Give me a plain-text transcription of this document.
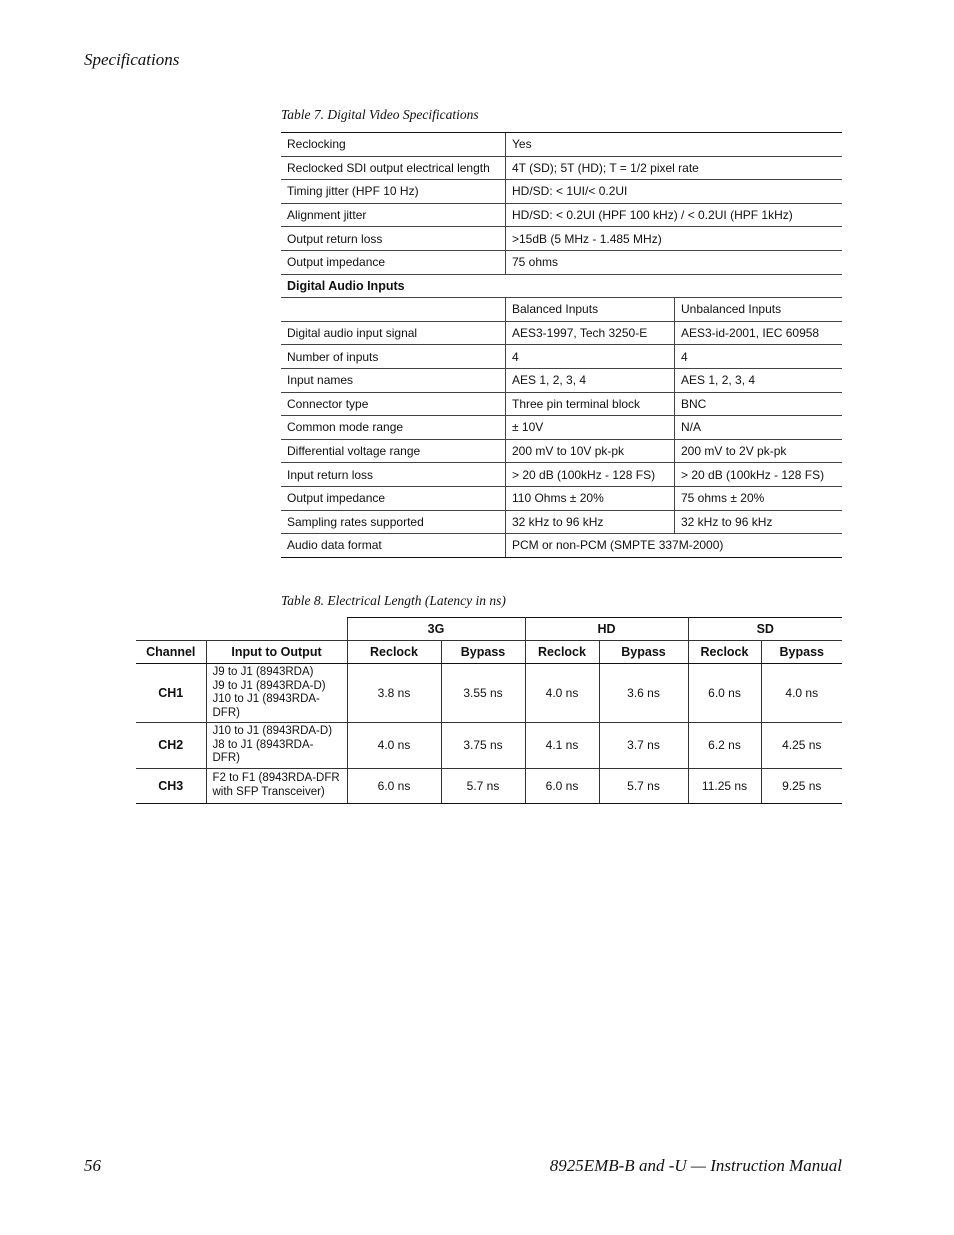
Specifications
Table 7. Digital Video Specifications
Reclocking	Yes	
Reclocked SDI output electrical length	4T (SD); 5T (HD); T = 1/2 pixel rate	
Timing jitter (HPF 10 Hz)	HD/SD: < 1UI/< 0.2UI	
Alignment jitter	HD/SD: < 0.2UI (HPF 100 kHz) / < 0.2UI (HPF 1kHz)	
Output return loss	>15dB (5 MHz - 1.485 MHz)	
Output impedance	75 ohms	
Digital Audio Inputs		
	Balanced Inputs	Unbalanced Inputs
Digital audio input signal	AES3-1997, Tech 3250-E	AES3-id-2001, IEC 60958
Number of inputs	4	4
Input names	AES 1, 2, 3, 4	AES 1, 2, 3, 4
Connector type	Three pin terminal block	BNC
Common mode range	± 10V	N/A
Differential voltage range	200 mV to 10V pk-pk	200 mV to 2V pk-pk
Input return loss	> 20 dB (100kHz - 128 FS)	> 20 dB (100kHz - 128 FS)
Output impedance	110 Ohms ± 20%	75 ohms ± 20%
Sampling rates supported	32 kHz to 96 kHz	32 kHz to 96 kHz
Audio data format	PCM or non-PCM (SMPTE 337M-2000)	
Table 8. Electrical Length (Latency in ns)
		3G		HD		SD	
Channel	Input to Output	Reclock	Bypass	Reclock	Bypass	Reclock	Bypass
CH1	J9 to J1 (8943RDA)
J9 to J1 (8943RDA-D)
J10 to J1 (8943RDA-DFR)	3.8 ns	3.55 ns	4.0 ns	3.6 ns	6.0 ns	4.0 ns
CH2	J10 to J1 (8943RDA-D)
J8 to J1 (8943RDA-DFR)	4.0 ns	3.75 ns	4.1 ns	3.7 ns	6.2 ns	4.25 ns
CH3	F2 to F1 (8943RDA-DFR
with SFP Transceiver)	6.0 ns	5.7 ns	6.0 ns	5.7 ns	11.25 ns	9.25 ns
56	8925EMB-B and -U — Instruction Manual
